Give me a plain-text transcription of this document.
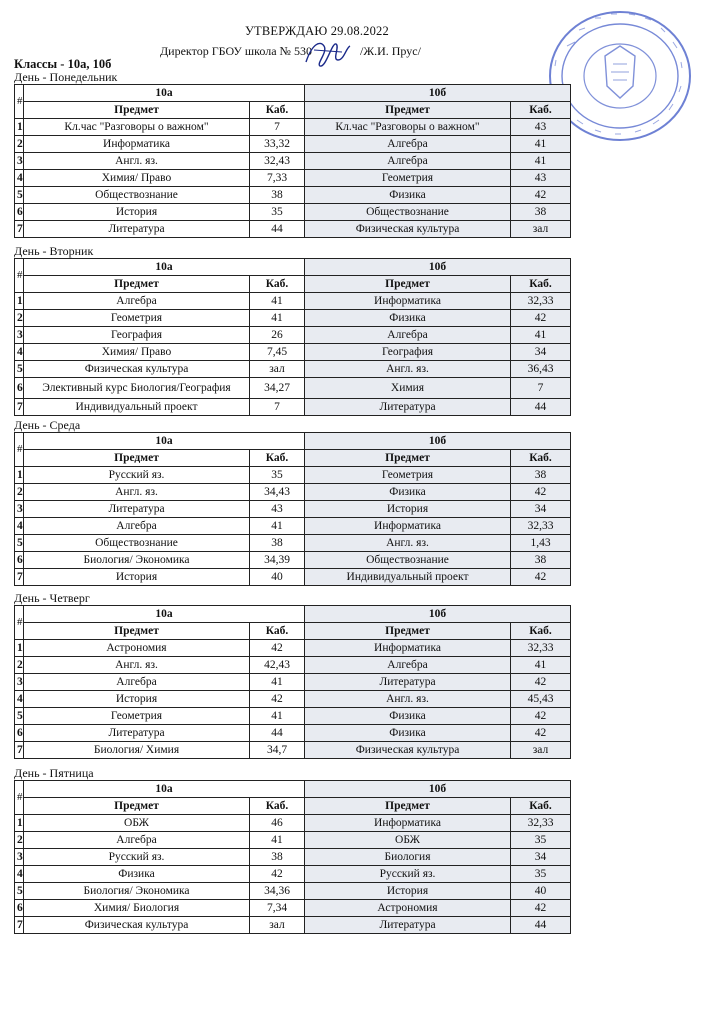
УТВЕРЖДАЮ 29.08.2022
Директор ГБОУ школа № 530	/Ж.И. Прус/
Классы - 10а, 10б
День - Понедельник
#	10а		10б	
	Предмет	Каб.	Предмет	Каб.
1	Кл.час "Разговоры о важном"	7	Кл.час "Разговоры о важном"	43
2	Информатика	33,32	Алгебра	41
3	Англ. яз.	32,43	Алгебра	41
4	Химия/ Право	7,33	Геометрия	43
5	Обществознание	38	Физика	42
6	История	35	Обществознание	38
7	Литература	44	Физическая культура	зал
День - Вторник
#	10а		10б	
	Предмет	Каб.	Предмет	Каб.
1	Алгебра	41	Информатика	32,33
2	Геометрия	41	Физика	42
3	География	26	Алгебра	41
4	Химия/ Право	7,45	География	34
5	Физическая культура	зал	Англ. яз.	36,43
6	Элективный курс Биология/География	34,27	Химия	7
7	Индивидуальный проект	7	Литература	44
День - Среда
#	10а		10б	
	Предмет	Каб.	Предмет	Каб.
1	Русский яз.	35	Геометрия	38
2	Англ. яз.	34,43	Физика	42
3	Литература	43	История	34
4	Алгебра	41	Информатика	32,33
5	Обществознание	38	Англ. яз.	1,43
6	Биология/ Экономика	34,39	Обществознание	38
7	История	40	Индивидуальный проект	42
День - Четверг
#	10а		10б	
	Предмет	Каб.	Предмет	Каб.
1	Астрономия	42	Информатика	32,33
2	Англ. яз.	42,43	Алгебра	41
3	Алгебра	41	Литература	42
4	История	42	Англ. яз.	45,43
5	Геометрия	41	Физика	42
6	Литература	44	Физика	42
7	Биология/ Химия	34,7	Физическая культура	зал
День - Пятница
#	10а		10б	
	Предмет	Каб.	Предмет	Каб.
1	ОБЖ	46	Информатика	32,33
2	Алгебра	41	ОБЖ	35
3	Русский яз.	38	Биология	34
4	Физика	42	Русский яз.	35
5	Биология/ Экономика	34,36	История	40
6	Химия/ Биология	7,34	Астрономия	42
7	Физическая культура	зал	Литература	44
